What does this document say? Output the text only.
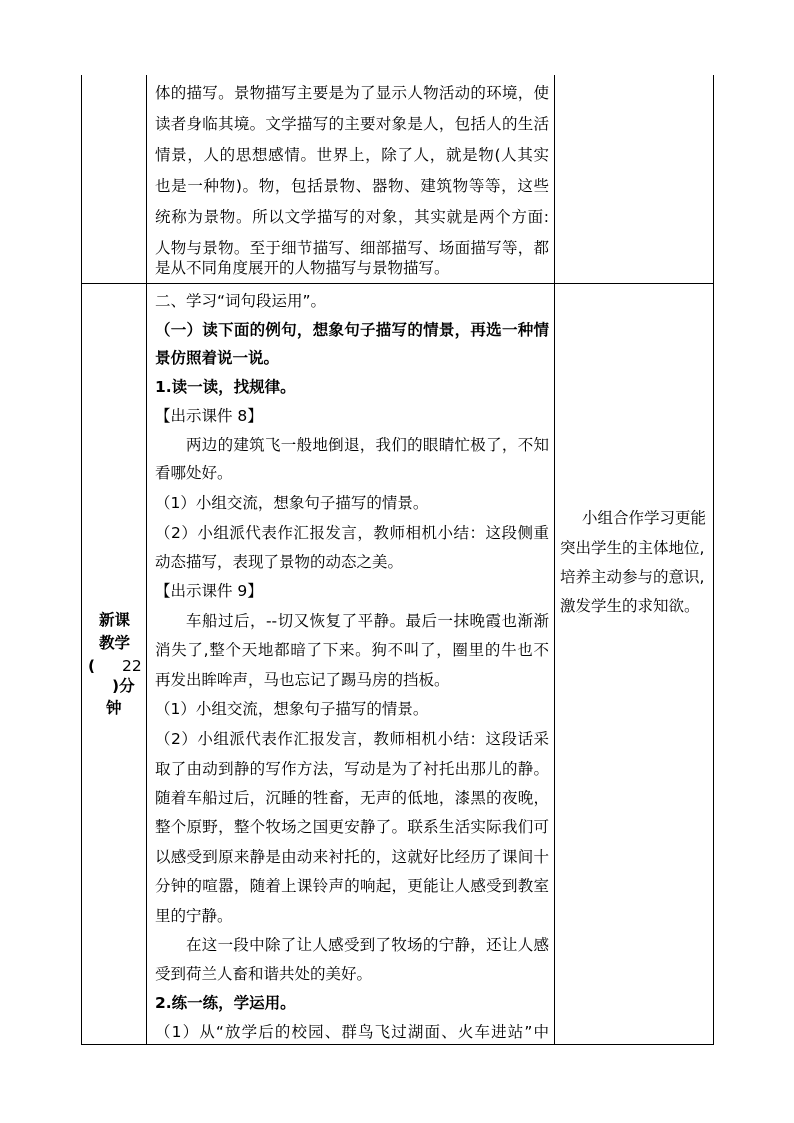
体的描写。景物描写主要是为了显示人物活动的环境，使
读者身临其境。文学描写的主要对象是人，包括人的生活
情景，人的思想感情。世界上，除了人，就是物(人其实
也是一种物)。物，包括景物、器物、建筑物等等，这些
统称为景物。所以文学描写的对象，其实就是两个方面:
人物与景物。至于细节描写、细部描写、场面描写等，都
是从不同角度展开的人物描写与景物描写。
新课
教学
( 22
)分
钟
二、学习“词句段运用”。
（一）读下面的例句，想象句子描写的情景，再选一种情
景仿照着说一说。
1.读一读，找规律。
【出示课件 8】
两边的建筑飞一般地倒退，我们的眼睛忙极了，不知
看哪处好。
（1）小组交流，想象句子描写的情景。
（2）小组派代表作汇报发言，教师相机小结：这段侧重
动态描写，表现了景物的动态之美。
【出示课件 9】
车船过后，--切又恢复了平静。最后一抹晚霞也渐渐
消失了,整个天地都暗了下来。狗不叫了，圈里的牛也不
再发出眸哞声，马也忘记了踢马房的挡板。
（1）小组交流，想象句子描写的情景。
（2）小组派代表作汇报发言，教师相机小结：这段话采
取了由动到静的写作方法，写动是为了衬托出那儿的静。
随着车船过后，沉睡的牲畜，无声的低地，漆黑的夜晚，
整个原野，整个牧场之国更安静了。联系生活实际我们可
以感受到原来静是由动来衬托的，这就好比经历了课间十
分钟的喧嚣，随着上课铃声的响起，更能让人感受到教室
里的宁静。
在这一段中除了让人感受到了牧场的宁静，还让人感
受到荷兰人畜和谐共处的美好。
2.练一练，学运用。
（1）从“放学后的校园、群鸟飞过湖面、火车进站”中
小组合作学习更能
突出学生的主体地位,
培养主动参与的意识,
激发学生的求知欲。
